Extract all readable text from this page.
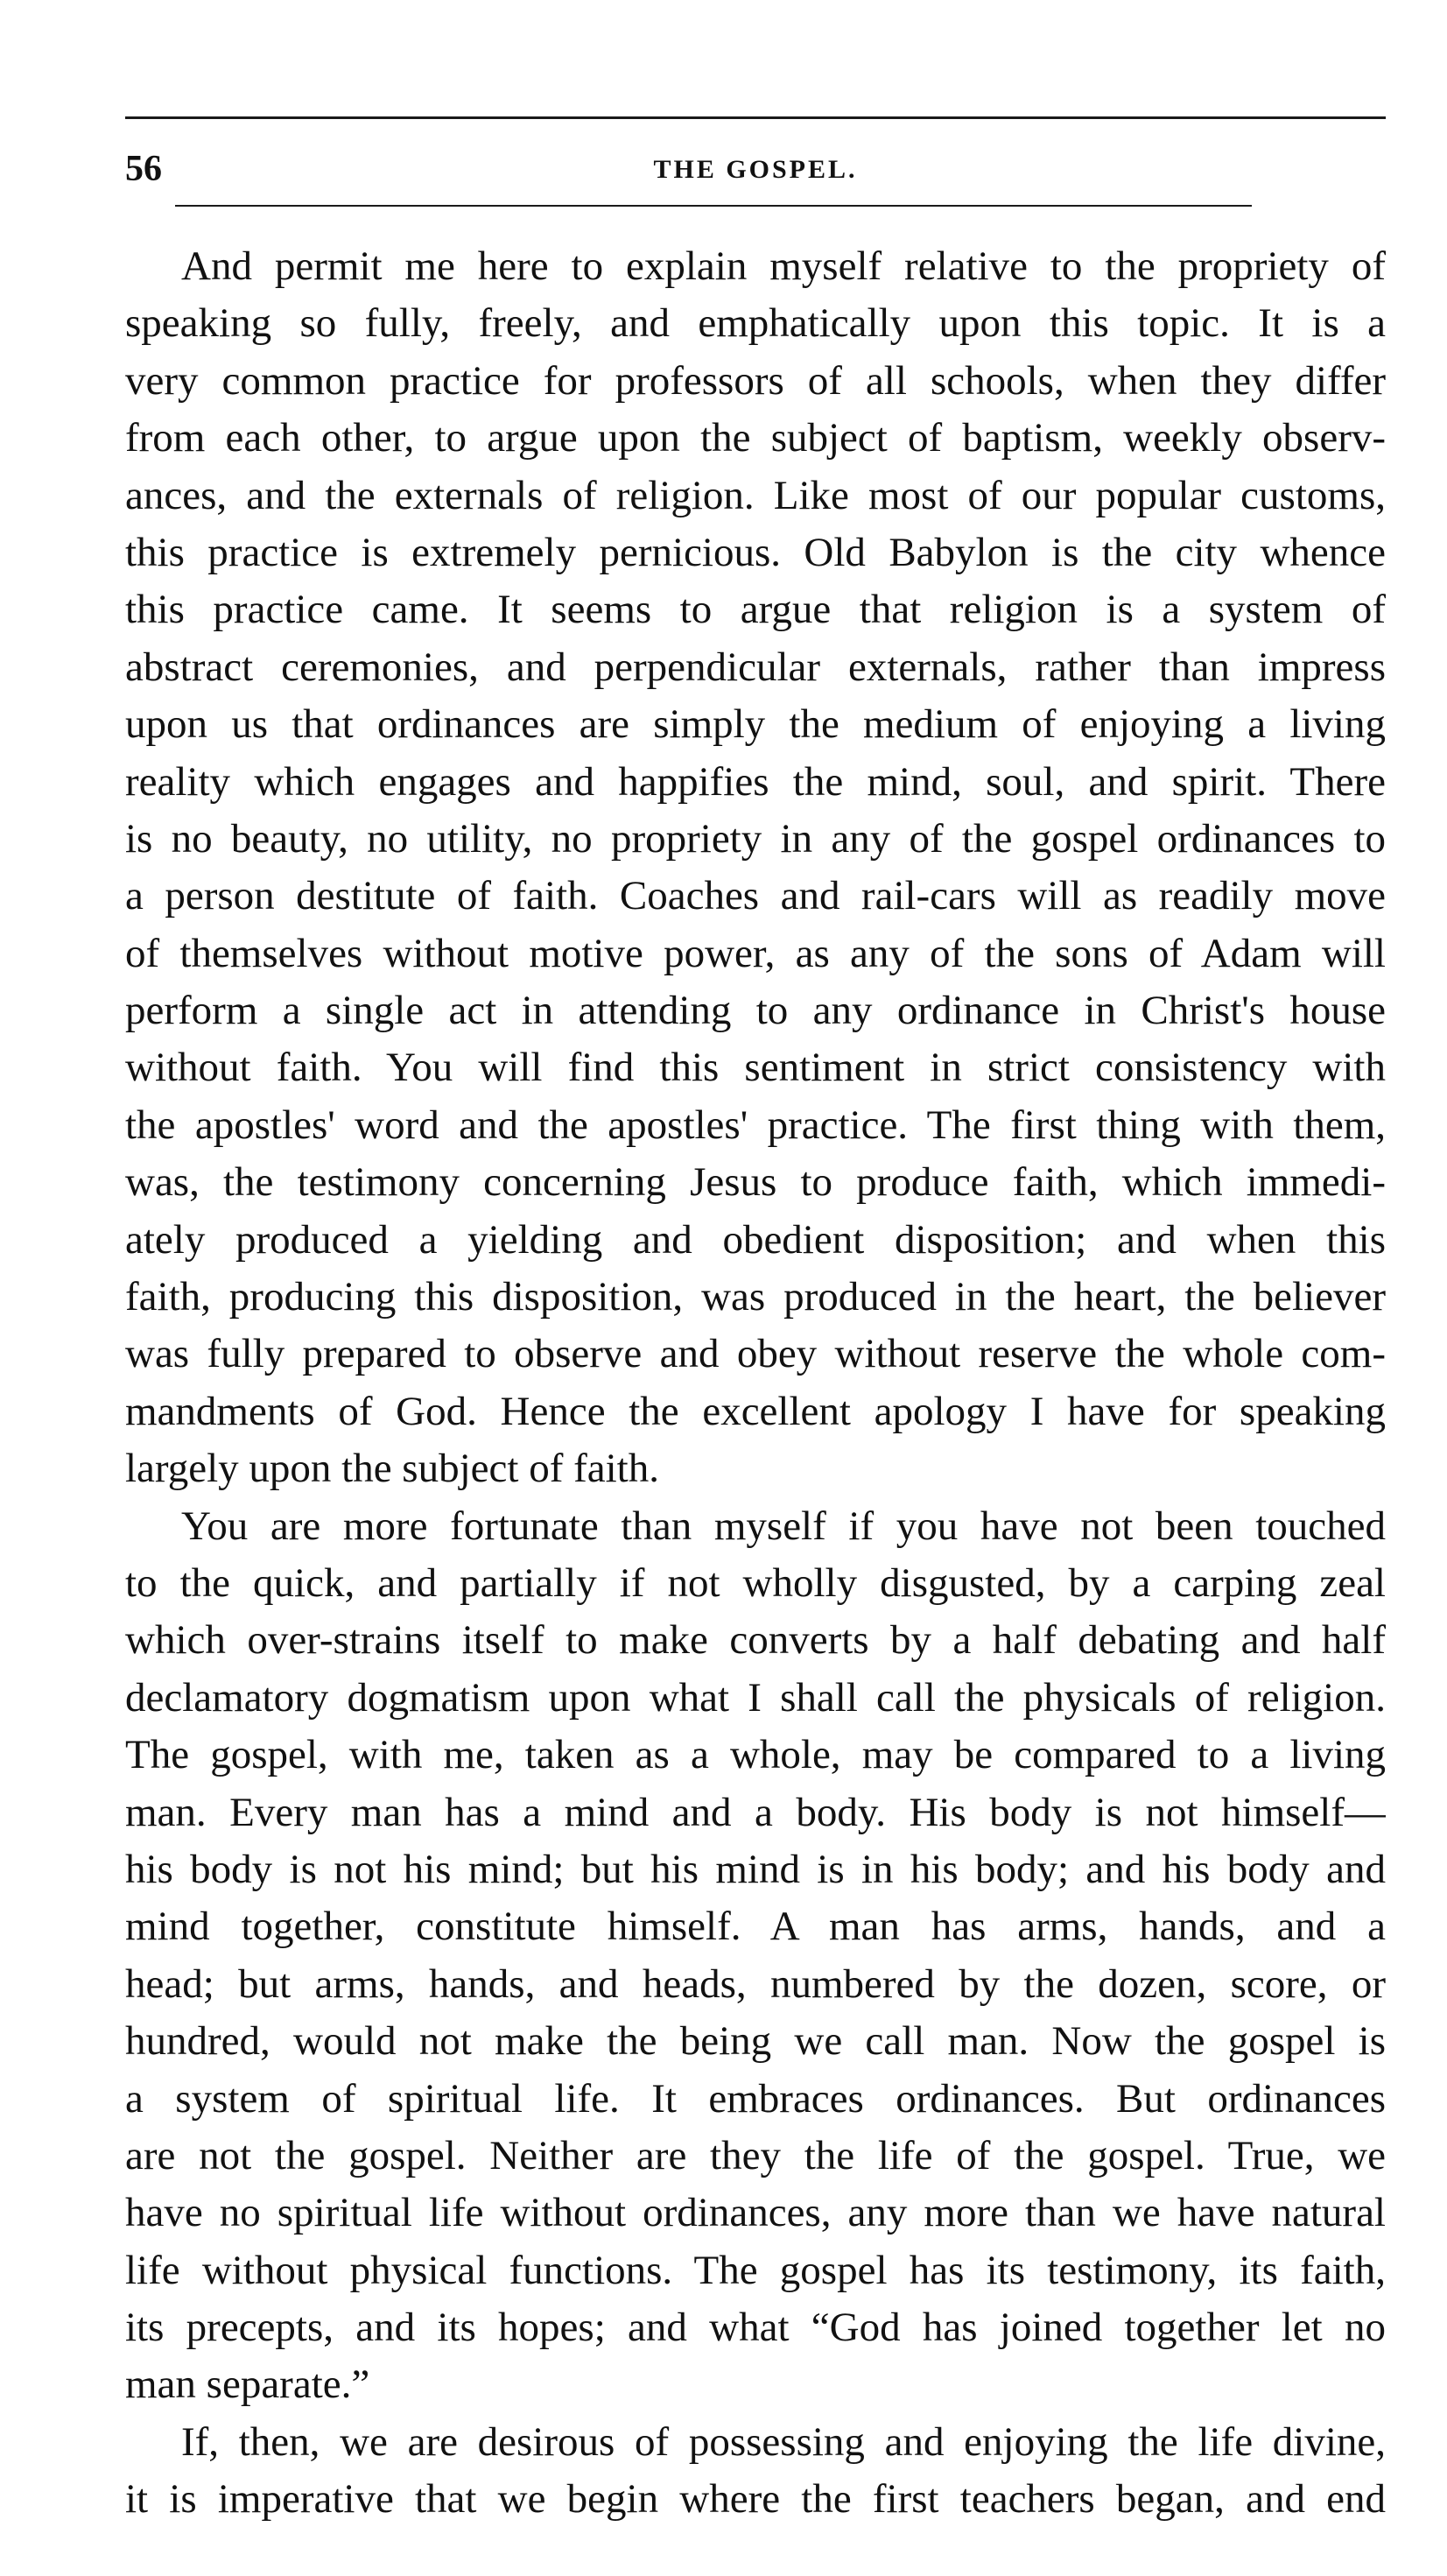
56	THE GOSPEL.
And permit me here to explain myself relative to the propriety of
speaking so fully, freely, and emphatically upon this topic. It is a
very common practice for professors of all schools, when they differ
from each other, to argue upon the subject of baptism, weekly observ-
ances, and the externals of religion. Like most of our popular customs,
this practice is extremely pernicious. Old Babylon is the city whence
this practice came. It seems to argue that religion is a system of
abstract ceremonies, and perpendicular externals, rather than impress
upon us that ordinances are simply the medium of enjoying a living
reality which engages and happifies the mind, soul, and spirit. There
is no beauty, no utility, no propriety in any of the gospel ordinances to
a person destitute of faith. Coaches and rail-cars will as readily move
of themselves without motive power, as any of the sons of Adam will
perform a single act in attending to any ordinance in Christ's house
without faith. You will find this sentiment in strict consistency with
the apostles' word and the apostles' practice. The first thing with them,
was, the testimony concerning Jesus to produce faith, which immedi-
ately produced a yielding and obedient disposition; and when this
faith, producing this disposition, was produced in the heart, the believer
was fully prepared to observe and obey without reserve the whole com-
mandments of God. Hence the excellent apology I have for speaking
largely upon the subject of faith.
You are more fortunate than myself if you have not been touched
to the quick, and partially if not wholly disgusted, by a carping zeal
which over-strains itself to make converts by a half debating and half
declamatory dogmatism upon what I shall call the physicals of religion.
The gospel, with me, taken as a whole, may be compared to a living
man. Every man has a mind and a body. His body is not himself—
his body is not his mind; but his mind is in his body; and his body and
mind together, constitute himself. A man has arms, hands, and a
head; but arms, hands, and heads, numbered by the dozen, score, or
hundred, would not make the being we call man. Now the gospel is
a system of spiritual life. It embraces ordinances. But ordinances
are not the gospel. Neither are they the life of the gospel. True, we
have no spiritual life without ordinances, any more than we have natural
life without physical functions. The gospel has its testimony, its faith,
its precepts, and its hopes; and what “God has joined together let no
man separate.”
If, then, we are desirous of possessing and enjoying the life divine,
it is imperative that we begin where the first teachers began, and end
